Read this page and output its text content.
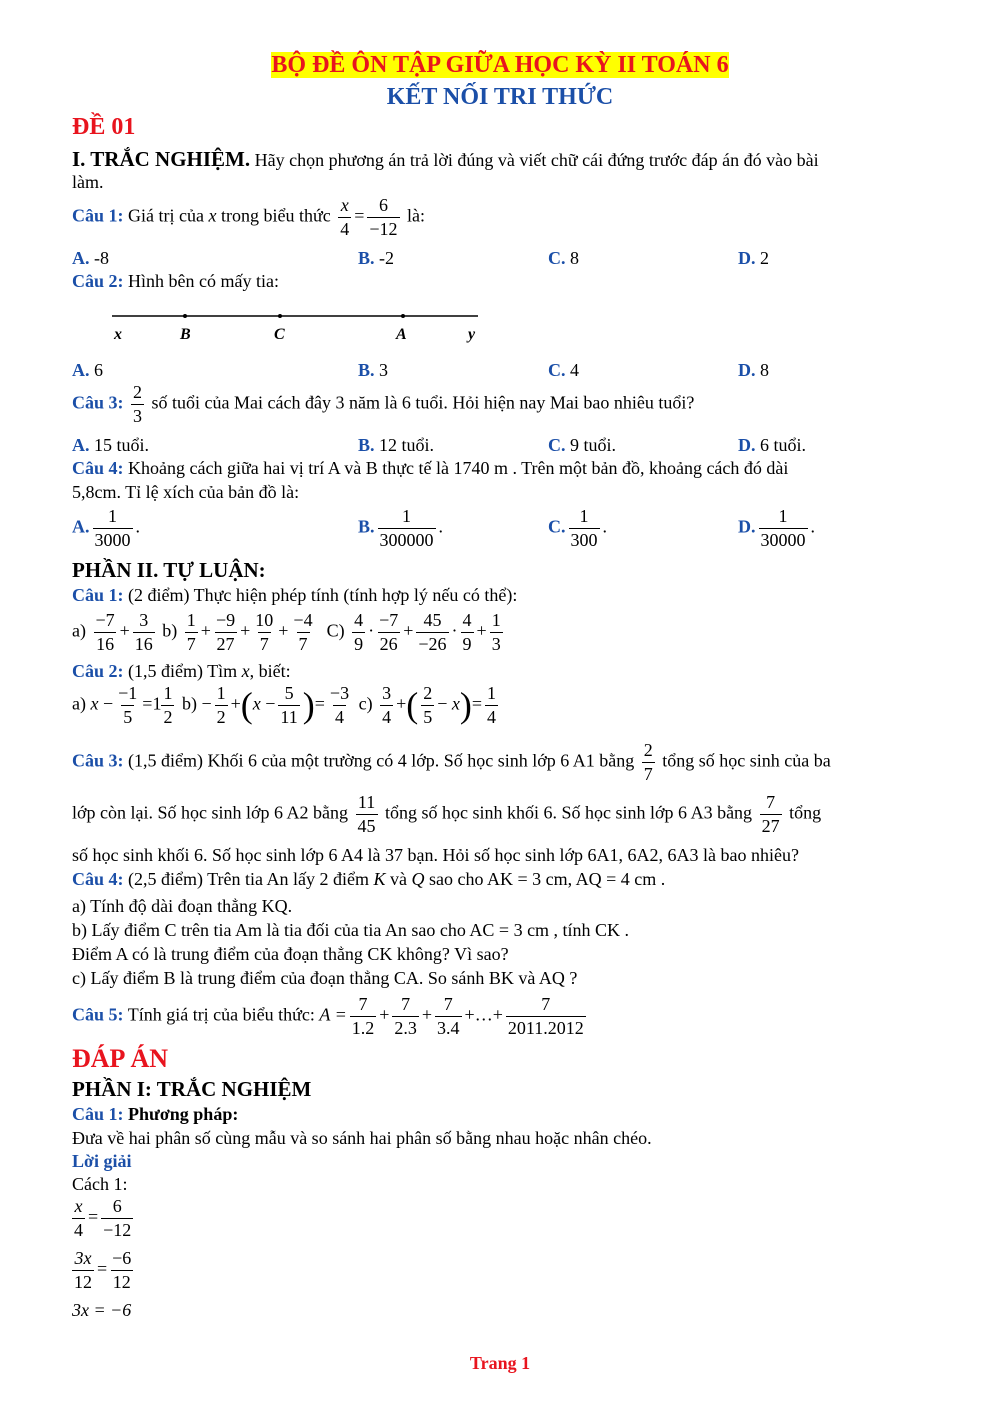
BỘ ĐỀ ÔN TẬP GIỮA HỌC KỲ II TOÁN 6
KẾT NỐI TRI THỨC
ĐỀ 01
I. TRẮC NGHIỆM. Hãy chọn phương án trả lời đúng và viết chữ cái đứng trước đáp án đó vào bài
làm.
Câu 1: Giá trị của x trong biểu thức $\frac{x}{4} = \frac{6}{-12}$ là:
A. -8	B. -2	C. 8	D. 2
Câu 2: Hình bên có mấy tia:
x	B	C	A	y
A. 6	B. 3	C. 4	D. 8
Câu 3: $\frac{2}{3}$ số tuổi của Mai cách đây 3 năm là 6 tuổi. Hỏi hiện nay Mai bao nhiêu tuổi?
A. 15 tuổi.	B. 12 tuổi.	C. 9 tuổi.	D. 6 tuổi.
Câu 4: Khoảng cách giữa hai vị trí A và B thực tế là 1740 m . Trên một bản đồ, khoảng cách đó dài
5,8cm. Tỉ lệ xích của bản đồ là:
A. $\frac{1}{3000}$ .	B. $\frac{1}{300000}$ .	C. $\frac{1}{300}$ .	D. $\frac{1}{30000}$ .
PHẦN II. TỰ LUẬN:
Câu 1: (2 điểm) Thực hiện phép tính (tính hợp lý nếu có thể):
$a) \frac{-7}{16} + \frac{3}{16} b) \frac{1}{7} + \frac{-9}{27} + \frac{10}{7} + \frac{-4}{7} C) \frac{4}{9} \cdot \frac{-7}{26} + \frac{45}{-26} \cdot \frac{4}{9} + \frac{1}{3}$
Câu 2: (1,5 điểm) Tìm x, biết:
a) $x - \frac{-1}{5} =1 \frac{1}{2} b) - \frac{1}{2} +(x - \frac{5}{11}$ )= $\frac{-3}{4} c) \frac{3}{4}$ +( $\frac{2}{5} - x)= \frac{1}{4}$
Câu 3: (1,5 điểm) Khối 6 của một trường có 4 lớp. Số học sinh lớp 6 A1 bằng $\frac{2}{7}$ tổng số học sinh của ba
lớp còn lại. Số học sinh lớp 6 A2 bằng $\frac{11}{45}$ tổng số học sinh khối 6. Số học sinh lớp 6 A3 bằng $\frac{7}{27}$ tổng
số học sinh khối 6. Số học sinh lớp 6 A4 là 37 bạn. Hỏi số học sinh lớp 6A1, 6A2, 6A3 là bao nhiêu?
Câu 4: (2,5 điểm) Trên tia An lấy 2 điểm K và Q sao cho AK = 3 cm, AQ = 4 cm .
a) Tính độ dài đoạn thẳng KQ.
b) Lấy điểm C trên tia Am là tia đối của tia An sao cho AC = 3 cm , tính CK .
Điểm A có là trung điểm của đoạn thẳng CK không? Vì sao?
c) Lấy điểm B là trung điểm của đoạn thẳng CA. So sánh BK và AQ ?
Câu 5: Tính giá trị của biểu thức: $A = \frac{7}{1.2} + \frac{7}{2.3} + \frac{7}{3.4}$ +…+ $\frac{7}{2011.2012}$
ĐÁP ÁN
PHẦN I: TRẮC NGHIỆM
Câu 1: Phương pháp:
Đưa về hai phân số cùng mẫu và so sánh hai phân số bằng nhau hoặc nhân chéo.
Lời giải
Cách 1:
$\frac{x}{4} = \frac{6}{-12}$
$\frac{3x}{12} = \frac{-6}{12}$
3x = −6
Trang 1
